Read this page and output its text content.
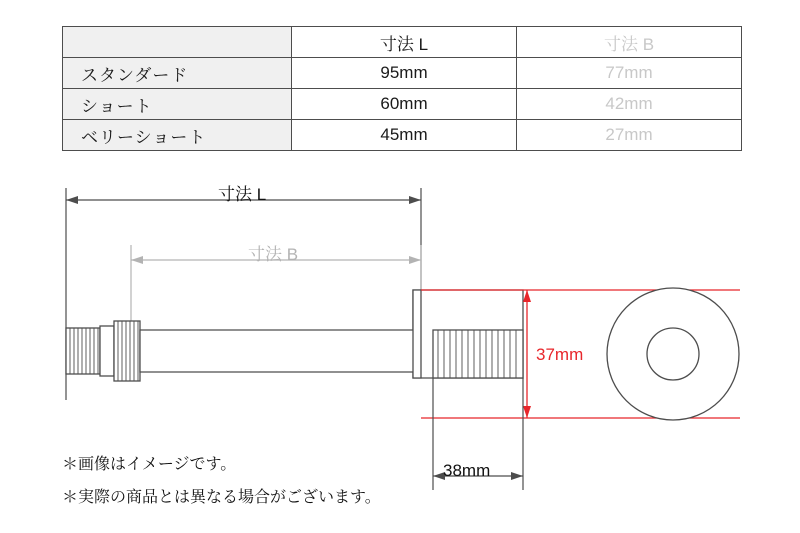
	寸法 L	寸法 B
スタンダード	95mm	77mm
ショート	60mm	42mm
ベリーショート	45mm	27mm
寸法 L
寸法 B
37mm
38mm
＊画像はイメージです。
＊実際の商品とは異なる場合がございます。
